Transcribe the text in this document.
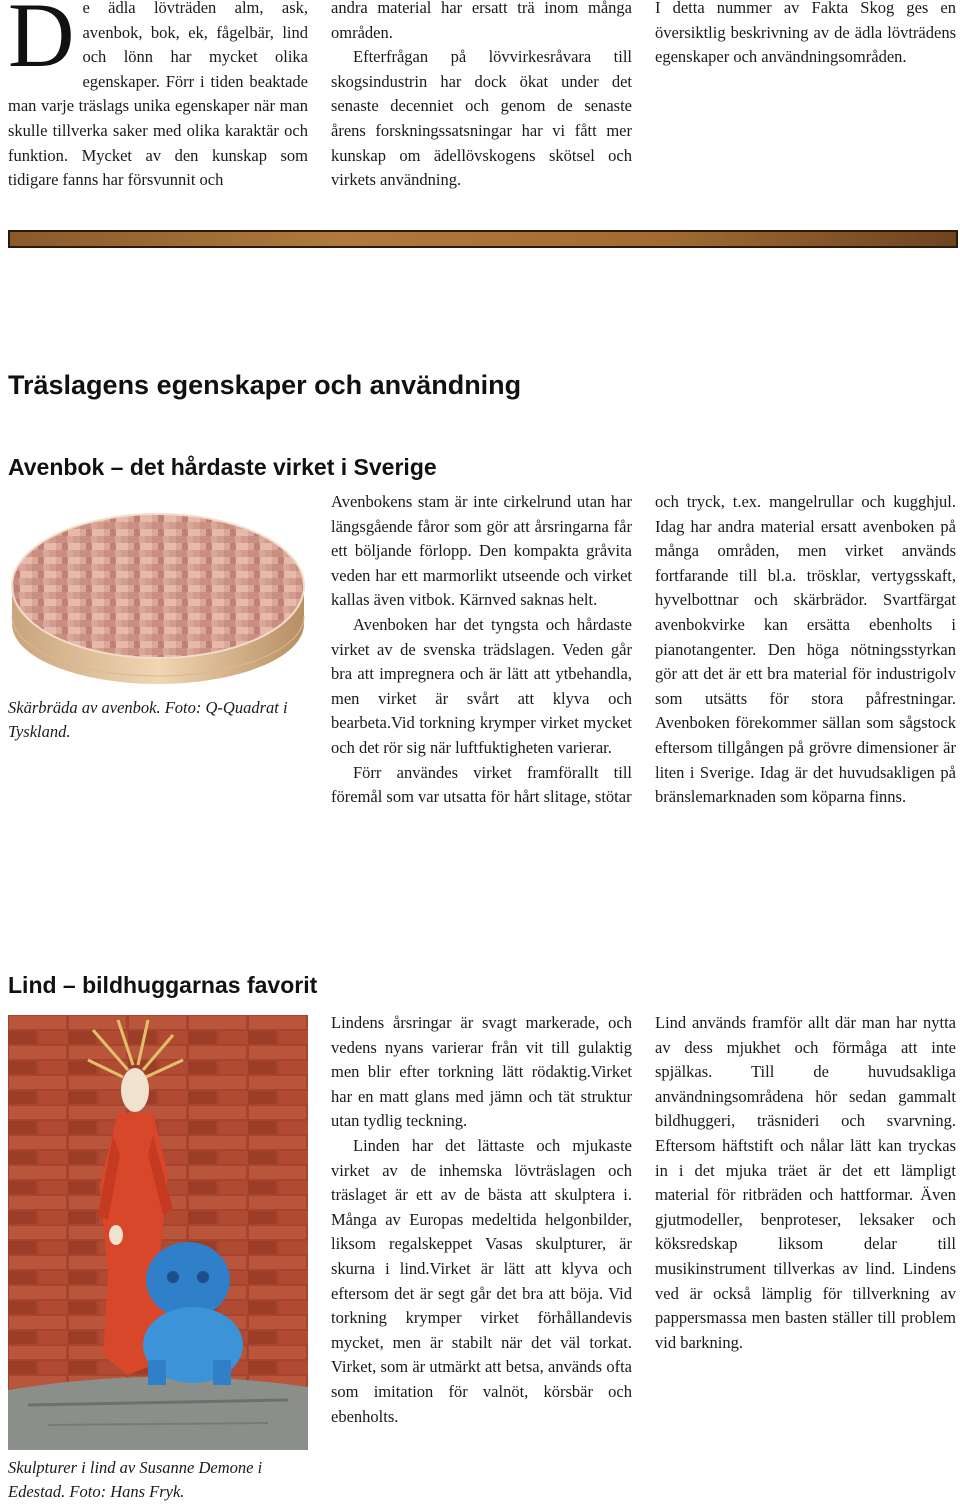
D e ädla lövträden alm, ask, avenbok, bok, ek, fågelbär, lind och lönn har mycket olika egenskaper. Förr i tiden beaktade man varje träslags unika egenskaper när man skulle tillverka saker med olika karaktär och funktion. Mycket av den kunskap som tidigare fanns har försvunnit och

andra material har ersatt trä inom många områden.

Efterfrågan på lövvirkesråvara till skogsindustrin har dock ökat under det senaste decenniet och genom de senaste årens forskningssatsningar har vi fått mer kunskap om ädellövskogens skötsel och virkets användning.

I detta nummer av Fakta Skog ges en översiktlig beskrivning av de ädla lövträdens egenskaper och användningsområden.

Träslagens egenskaper och användning
Avenbok – det hårdaste virket i Sverige
Skärbräda av avenbok. Foto: Q-Quadrat i Tyskland.

Avenbokens stam är inte cirkelrund utan har längsgående fåror som gör att årsringarna får ett böljande förlopp. Den kompakta gråvita veden har ett marmorlikt utseende och virket kallas även vitbok. Kärnved saknas helt.

Avenboken har det tyngsta och hårdaste virket av de svenska trädslagen. Veden går bra att impregnera och är lätt att ytbehandla, men virket är svårt att klyva och bearbeta.Vid torkning krymper virket mycket och det rör sig när luftfuktigheten varierar.

Förr användes virket framförallt till föremål som var utsatta för hårt slitage, stötar

och tryck, t.ex. mangelrullar och kugghjul. Idag har andra material ersatt avenboken på många områden, men virket används fortfarande till bl.a. trösklar, vertygsskaft, hyvelbottnar och skärbrädor. Svartfärgat avenbokvirke kan ersätta ebenholts i pianotangenter. Den höga nötningsstyrkan gör att det är ett bra material för industrigolv som utsätts för stora påfrestningar. Avenboken förekommer sällan som sågstock eftersom tillgången på grövre dimensioner är liten i Sverige. Idag är det huvudsakligen på bränslemarknaden som köparna finns.

Lind – bildhuggarnas favorit
Skulpturer i lind av Susanne Demone i Edestad. Foto: Hans Fryk.

Lindens årsringar är svagt markerade, och vedens nyans varierar från vit till gulaktig men blir efter torkning lätt rödaktig.Virket har en matt glans med jämn och tät struktur utan tydlig teckning.

Linden har det lättaste och mjukaste virket av de inhemska lövträslagen och träslaget är ett av de bästa att skulptera i. Många av Europas medeltida helgonbilder, liksom regalskeppet Vasas skulpturer, är skurna i lind.Virket är lätt att klyva och eftersom det är segt går det bra att böja. Vid torkning krymper virket förhållandevis mycket, men är stabilt när det väl torkat. Virket, som är utmärkt att betsa, används ofta som imitation för valnöt, körsbär och ebenholts.

Lind används framför allt där man har nytta av dess mjukhet och förmåga att inte spjälkas. Till de huvudsakliga användningsområdena hör sedan gammalt bildhuggeri, träsnideri och svarvning. Eftersom häftstift och nålar lätt kan tryckas in i det mjuka träet är det ett lämpligt material för ritbräden och hattformar. Även gjutmodeller, benproteser, leksaker och köksredskap liksom delar till musikinstrument tillverkas av lind. Lindens ved är också lämplig för tillverkning av pappersmassa men basten ställer till problem vid barkning.
